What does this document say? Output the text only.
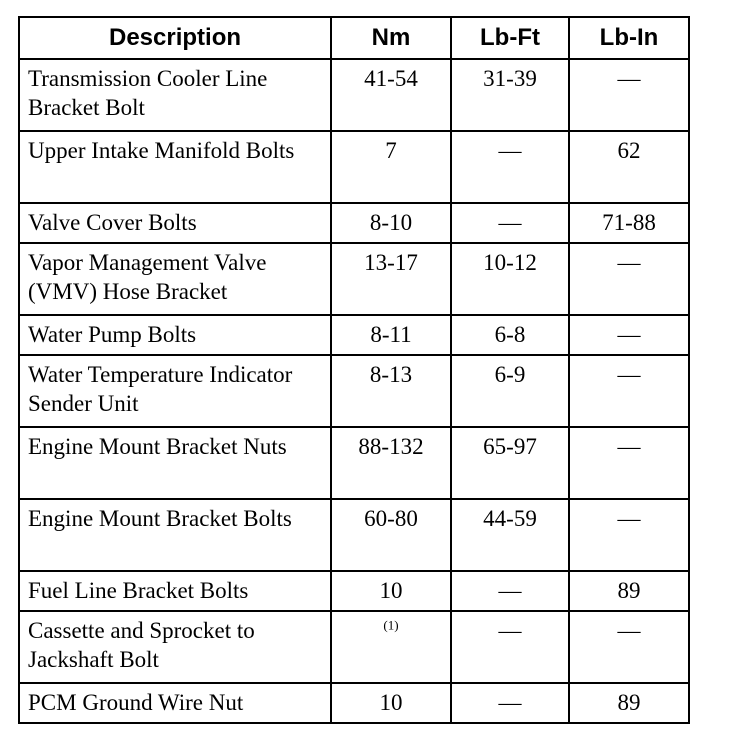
Description	Nm	Lb-Ft	Lb-In
Transmission Cooler Line Bracket Bolt	41-54	31-39	—
Upper Intake Manifold Bolts	7	—	62
Valve Cover Bolts	8-10	—	71-88
Vapor Management Valve (VMV) Hose Bracket	13-17	10-12	—
Water Pump Bolts	8-11	6-8	—
Water Temperature Indicator Sender Unit	8-13	6-9	—
Engine Mount Bracket Nuts	88-132	65-97	—
Engine Mount Bracket Bolts	60-80	44-59	—
Fuel Line Bracket Bolts	10	—	89
Cassette and Sprocket to Jackshaft Bolt	$^{(1)}$	—	—
PCM Ground Wire Nut	10	—	89
